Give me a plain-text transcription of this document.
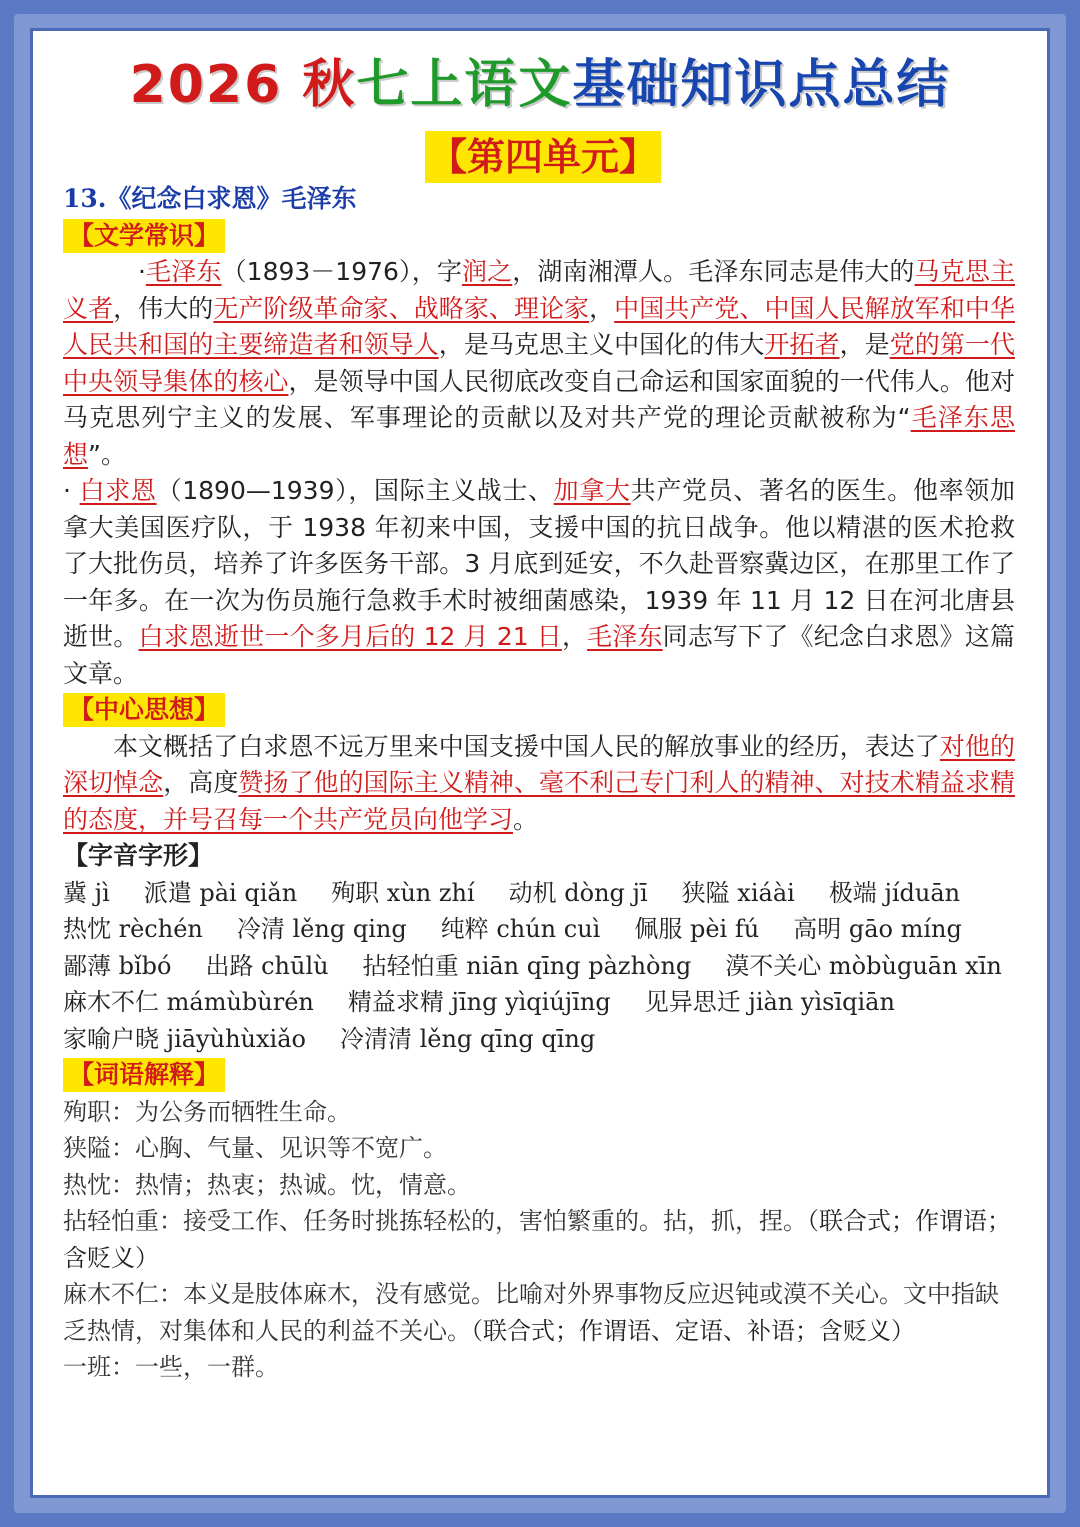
2026 秋七上语文基础知识点总结
【第四单元】
13.《纪念白求恩》毛泽东
【文学常识】

·毛泽东（1893－1976），字润之，湖南湘潭人。毛泽东同志是伟大的马克思主义者，伟大的无产阶级革命家、战略家、理论家，中国共产党、中国人民解放军和中华人民共和国的主要缔造者和领导人，是马克思主义中国化的伟大开拓者，是党的第一代中央领导集体的核心，是领导中国人民彻底改变自己命运和国家面貌的一代伟人。他对马克思列宁主义的发展、军事理论的贡献以及对共产党的理论贡献被称为“毛泽东思想”。

· 白求恩（1890—1939），国际主义战士、加拿大共产党员、著名的医生。他率领加拿大美国医疗队，于 1938 年初来中国，支援中国的抗日战争。他以精湛的医术抢救了大批伤员，培养了许多医务干部。3 月底到延安，不久赴晋察冀边区，在那里工作了一年多。在一次为伤员施行急救手术时被细菌感染，1939 年 11 月 12 日在河北唐县逝世。白求恩逝世一个多月后的 12 月 21 日，毛泽东同志写下了《纪念白求恩》这篇文章。

【中心思想】

本文概括了白求恩不远万里来中国支援中国人民的解放事业的经历，表达了对他的深切悼念，高度赞扬了他的国际主义精神、毫不利己专门利人的精神、对技术精益求精的态度，并号召每一个共产党员向他学习。

【字音字形】
冀 jì 派遣 pài qiǎn 殉职 xùn zhí 动机 dòng jī 狭隘 xiáài 极端 jíduān
热忱 rèchén 冷清 lěng qing 纯粹 chún cuì 佩服 pèi fú 高明 gāo míng
鄙薄 bǐbó 出路 chūlù 拈轻怕重 niān qīng pàzhòng 漠不关心 mòbùguān xīn
麻木不仁 mámùbùrén 精益求精 jīng yìqiújīng 见异思迁 jiàn yìsīqiān
家喻户晓 jiāyùhùxiǎo 冷清清 lěng qīng qīng
【词语解释】
殉职：为公务而牺牲生命。
狭隘：心胸、气量、见识等不宽广。
热忱：热情；热衷；热诚。忱，情意。
拈轻怕重：接受工作、任务时挑拣轻松的，害怕繁重的。拈，抓，捏。（联合式；作谓语；含贬义）
麻木不仁：本义是肢体麻木，没有感觉。比喻对外界事物反应迟钝或漠不关心。文中指缺乏热情，对集体和人民的利益不关心。（联合式；作谓语、定语、补语；含贬义）
一班：一些，一群。
